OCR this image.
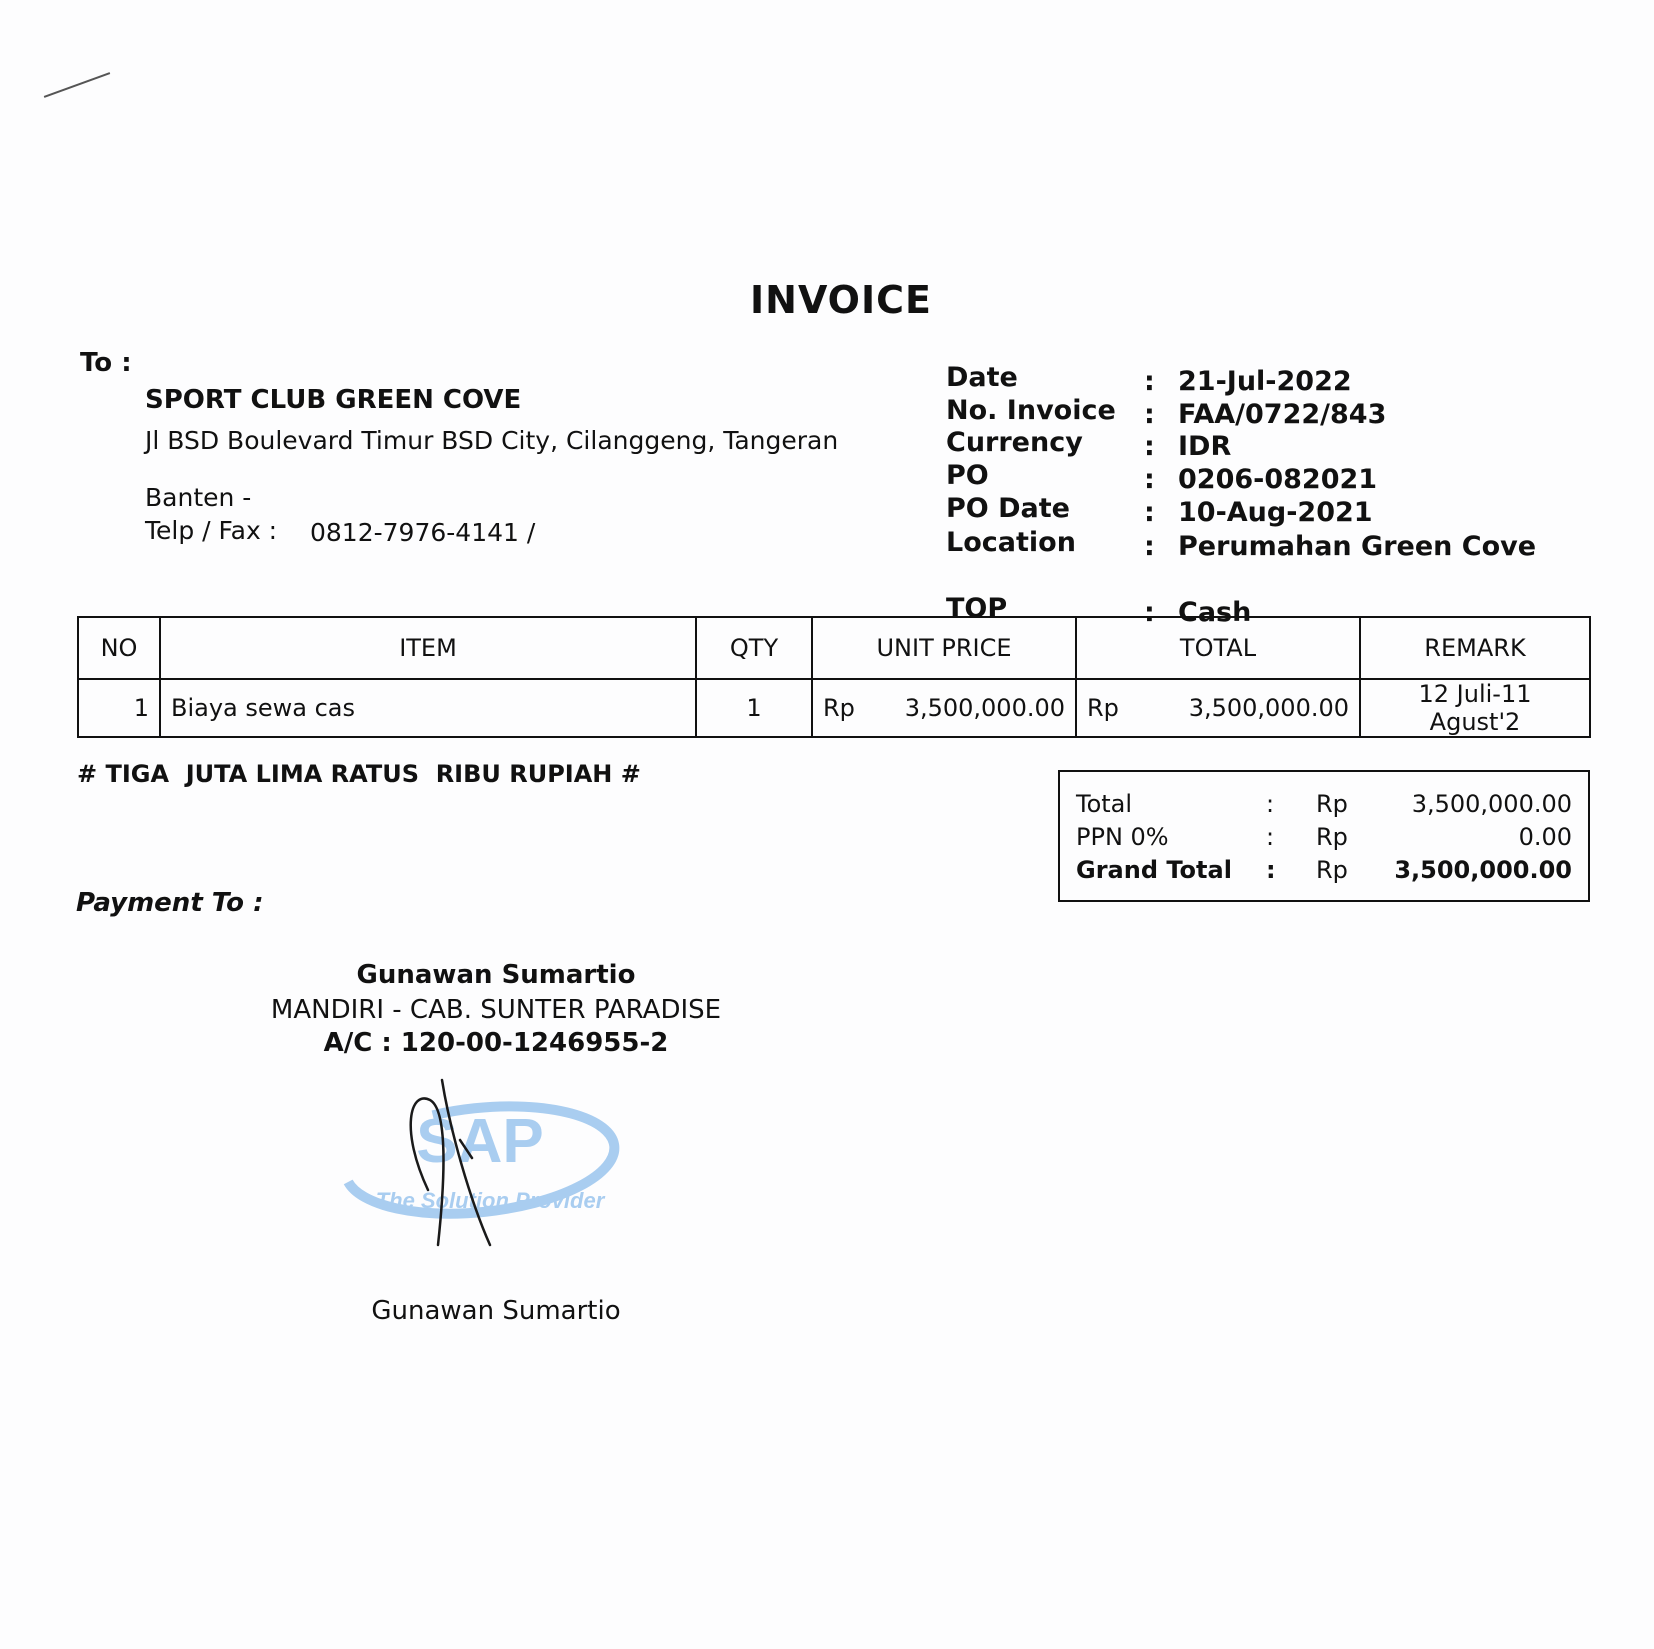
INVOICE
To :
SPORT CLUB GREEN COVE
Jl BSD Boulevard Timur BSD City, Cilanggeng, Tangeran
Banten -
Telp / Fax : 0812-7976-4141 /
Date	: 21-Jul-2022
No. Invoice : FAA/0722/843
Currency : IDR
PO	: 0206-082021
PO Date	: 10-Aug-2021
Location	: Perumahan Green Cove
TOP	: Cash
NO	ITEM	QTY	UNIT PRICE	TOTAL	REMARK
1	Biaya sewa cas	1	Rp 3,500,000.00	Rp 3,500,000.00	12 Juli-11 Agust'2
# TIGA  JUTA LIMA RATUS  RIBU RUPIAH #
Total	: Rp	3,500,000.00
PPN 0%	: Rp	0.00
Grand Total : Rp 3,500,000.00
Payment To :
Gunawan Sumartio
MANDIRI - CAB. SUNTER PARADISE
A/C : 120-00-1246955-2
SAP
The Solution Provider
Gunawan Sumartio
